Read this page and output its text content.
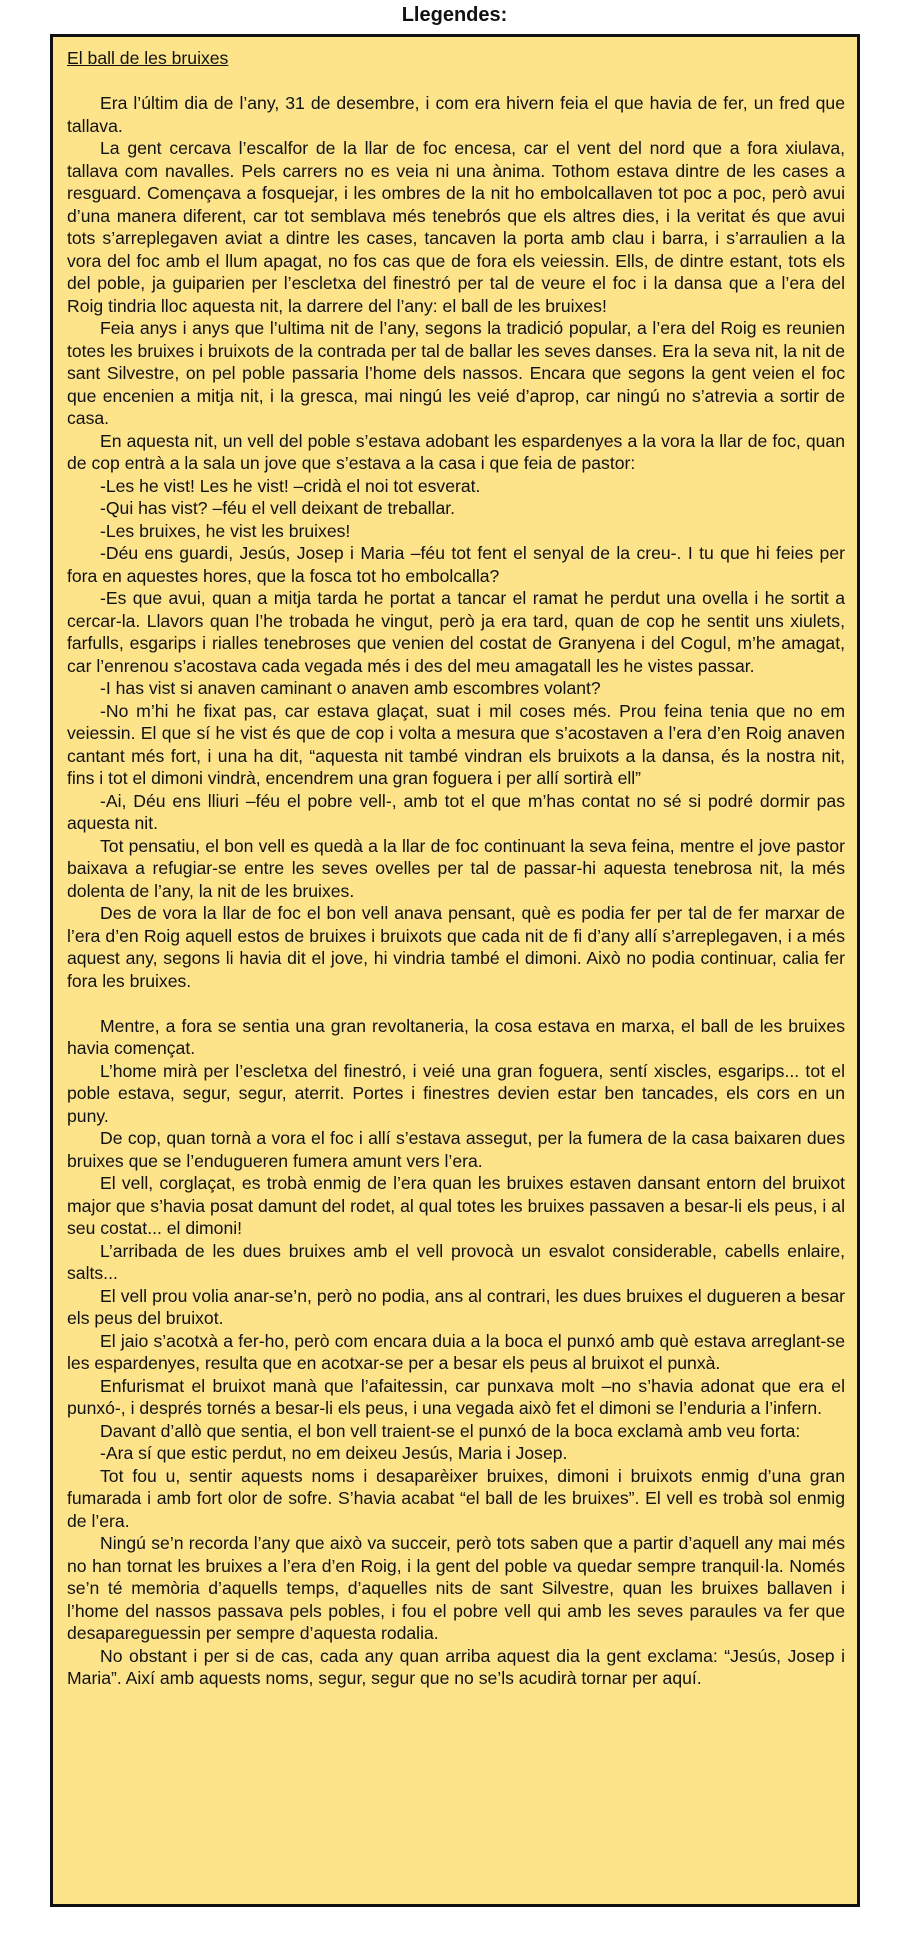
Llegendes:
El ball de les bruixes

Era l’últim dia de l’any, 31 de desembre, i com era hivern feia el que havia de fer, un fred que tallava.

La gent cercava l’escalfor de la llar de foc encesa, car el vent del nord que a fora xiulava, tallava com navalles. Pels carrers no es veia ni una ànima. Tothom estava dintre de les cases a resguard. Començava a fosquejar, i les ombres de la nit ho embolcallaven tot poc a poc, però avui d’una manera diferent, car tot semblava més tenebrós que els altres dies, i la veritat és que avui tots s’arreplegaven aviat a dintre les cases, tancaven la porta amb clau i barra, i s’arraulien a la vora del foc amb el llum apagat, no fos cas que de fora els veiessin. Ells, de dintre estant, tots els del poble, ja guiparien per l’escletxa del finestró per tal de veure el foc i la dansa que a l’era del Roig tindria lloc aquesta nit, la darrere del l’any: el ball de les bruixes!

Feia anys i anys que l’ultima nit de l’any, segons la tradició popular, a l’era del Roig es reunien totes les bruixes i bruixots de la contrada per tal de ballar les seves danses. Era la seva nit, la nit de sant Silvestre, on pel poble passaria l’home dels nassos. Encara que segons la gent veien el foc que encenien a mitja nit, i la gresca, mai ningú les veié d’aprop, car ningú no s’atrevia a sortir de casa.

En aquesta nit, un vell del poble s’estava adobant les espardenyes a la vora la llar de foc, quan de cop entrà a la sala un jove que s’estava a la casa i que feia de pastor:

-Les he vist! Les he vist! –cridà el noi tot esverat.

-Qui has vist? –féu el vell deixant de treballar.

-Les bruixes, he vist les bruixes!

-Déu ens guardi, Jesús, Josep i Maria –féu tot fent el senyal de la creu-. I tu que hi feies per fora en aquestes hores, que la fosca tot ho embolcalla?

-Es que avui, quan a mitja tarda he portat a tancar el ramat he perdut una ovella i he sortit a cercar-la. Llavors quan l’he trobada he vingut, però ja era tard, quan de cop he sentit uns xiulets, farfulls, esgarips i rialles tenebroses que venien del costat de Granyena i del Cogul, m’he amagat, car l’enrenou s’acostava cada vegada més i des del meu amagatall les he vistes passar.

-I has vist si anaven caminant o anaven amb escombres volant?

-No m’hi he fixat pas, car estava glaçat, suat i mil coses més. Prou feina tenia que no em veiessin. El que sí he vist és que de cop i volta a mesura que s’acostaven a l’era d’en Roig anaven cantant més fort, i una ha dit, “aquesta nit també vindran els bruixots a la dansa, és la nostra nit, fins i tot el dimoni vindrà, encendrem una gran foguera i per allí sortirà ell”

-Ai, Déu ens lliuri –féu el pobre vell-, amb tot el que m’has contat no sé si podré dormir pas aquesta nit.

Tot pensatiu, el bon vell es quedà a la llar de foc continuant la seva feina, mentre el jove pastor baixava a refugiar-se entre les seves ovelles per tal de passar-hi aquesta tenebrosa nit, la més dolenta de l’any, la nit de les bruixes.

Des de vora la llar de foc el bon vell anava pensant, què es podia fer per tal de fer marxar de l’era d’en Roig aquell estos de bruixes i bruixots que cada nit de fi d’any allí s’arreplegaven, i a més aquest any, segons li havia dit el jove, hi vindria també el dimoni. Això no podia continuar, calia fer fora les bruixes.

Mentre, a fora se sentia una gran revoltaneria, la cosa estava en marxa, el ball de les bruixes havia començat.

L’home mirà per l’escletxa del finestró, i veié una gran foguera, sentí xiscles, esgarips... tot el poble estava, segur, segur, aterrit. Portes i finestres devien estar ben tancades, els cors en un puny.

De cop, quan tornà a vora el foc i allí s’estava assegut, per la fumera de la casa baixaren dues bruixes que se l’endugueren fumera amunt vers l’era.

El vell, corglaçat, es trobà enmig de l’era quan les bruixes estaven dansant entorn del bruixot major que s’havia posat damunt del rodet, al qual totes les bruixes passaven a besar-li els peus, i al seu costat... el dimoni!

L’arribada de les dues bruixes amb el vell provocà un esvalot considerable, cabells enlaire, salts...

El vell prou volia anar-se’n, però no podia, ans al contrari, les dues bruixes el dugueren a besar els peus del bruixot.

El jaio s’acotxà a fer-ho, però com encara duia a la boca el punxó amb què estava arreglant-se les espardenyes, resulta que en acotxar-se per a besar els peus al bruixot el punxà.

Enfurismat el bruixot manà que l’afaitessin, car punxava molt –no s’havia adonat que era el punxó-, i després tornés a besar-li els peus, i una vegada això fet el dimoni se l’enduria a l’infern.

Davant d’allò que sentia, el bon vell traient-se el punxó de la boca exclamà amb veu forta:

-Ara sí que estic perdut, no em deixeu Jesús, Maria i Josep.

Tot fou u, sentir aquests noms i desaparèixer bruixes, dimoni i bruixots enmig d’una gran fumarada i amb fort olor de sofre. S’havia acabat “el ball de les bruixes”. El vell es trobà sol enmig de l’era.

Ningú se’n recorda l’any que això va succeir, però tots saben que a partir d’aquell any mai més no han tornat les bruixes a l’era d’en Roig, i la gent del poble va quedar sempre tranquil·la. Només se’n té memòria d’aquells temps, d’aquelles nits de sant Silvestre, quan les bruixes ballaven i l’home del nassos passava pels pobles, i fou el pobre vell qui amb les seves paraules va fer que desapareguessin per sempre d’aquesta rodalia.

No obstant i per si de cas, cada any quan arriba aquest dia la gent exclama: “Jesús, Josep i Maria”. Així amb aquests noms, segur, segur que no se’ls acudirà tornar per aquí.
